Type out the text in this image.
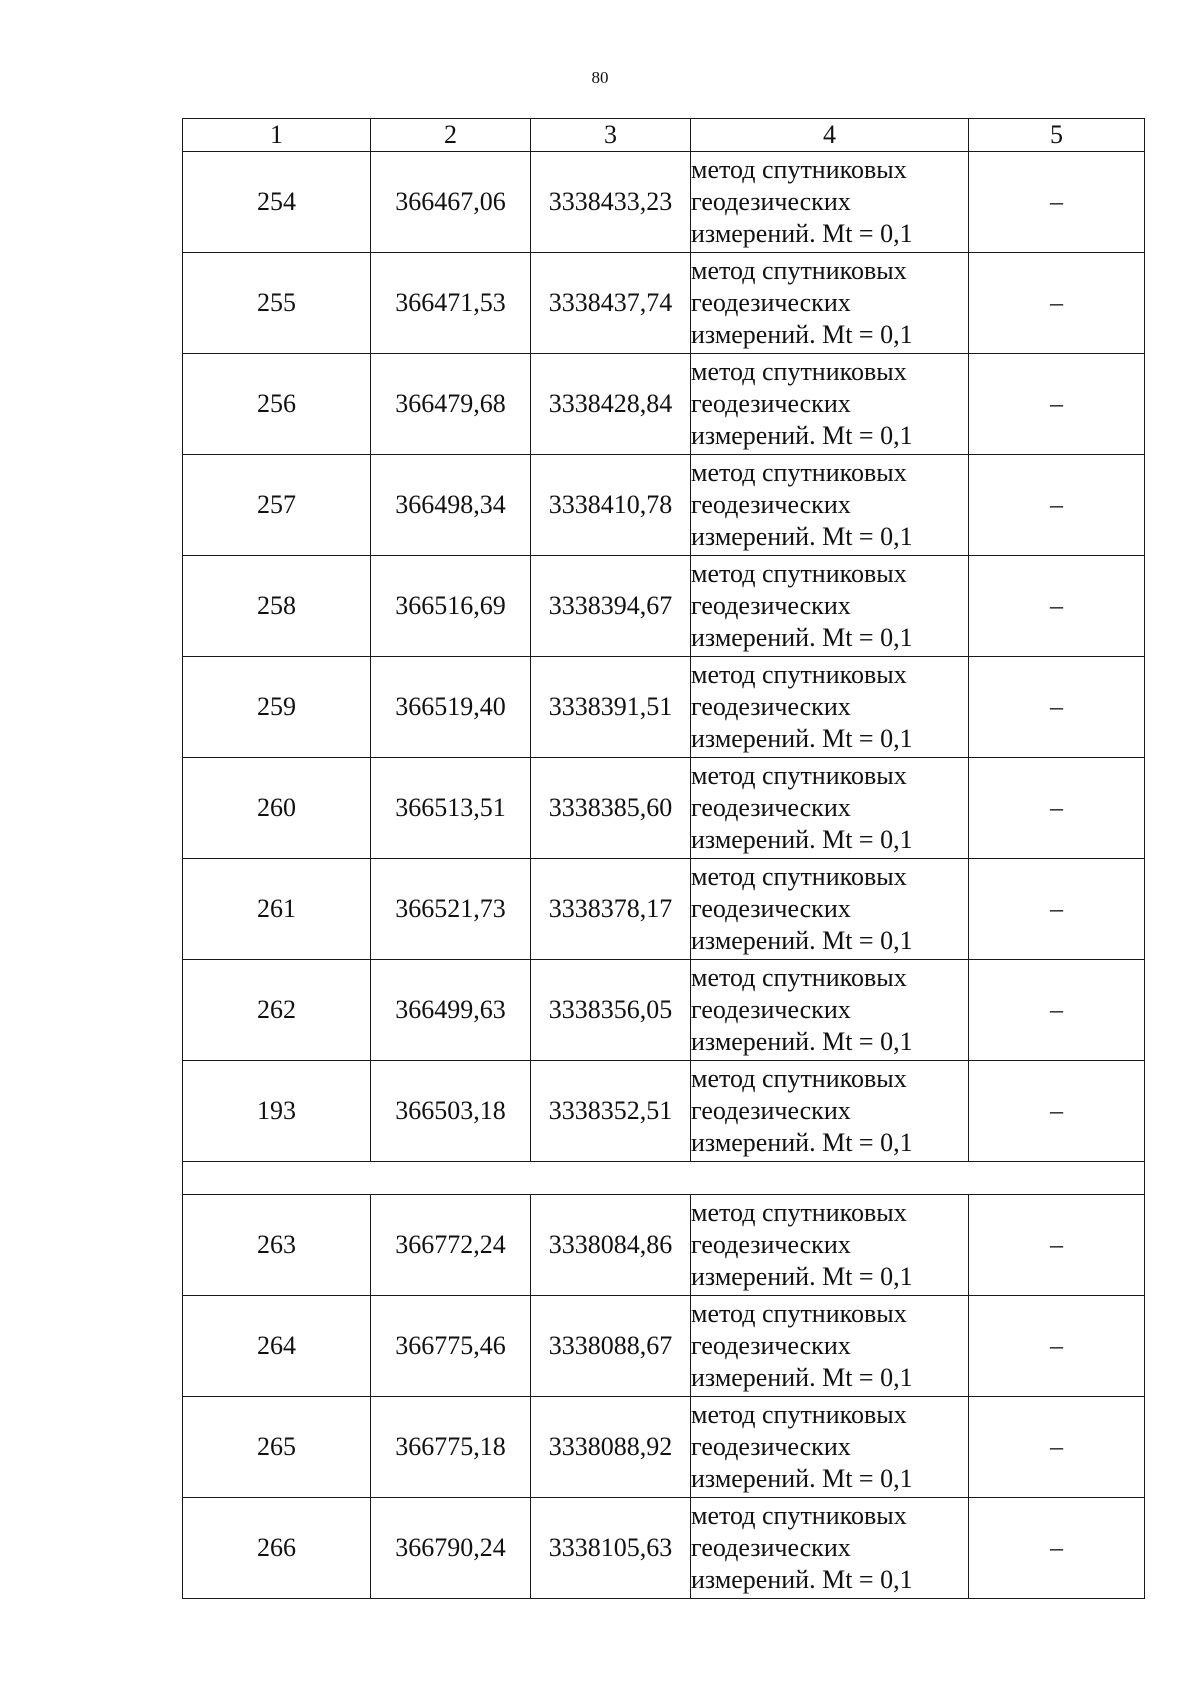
80
1	2	3	4	5
254	366467,06	3338433,23	метод спутниковых
геодезических
измерений. Mt = 0,1	–
255	366471,53	3338437,74	метод спутниковых
геодезических
измерений. Mt = 0,1	–
256	366479,68	3338428,84	метод спутниковых
геодезических
измерений. Mt = 0,1	–
257	366498,34	3338410,78	метод спутниковых
геодезических
измерений. Mt = 0,1	–
258	366516,69	3338394,67	метод спутниковых
геодезических
измерений. Mt = 0,1	–
259	366519,40	3338391,51	метод спутниковых
геодезических
измерений. Mt = 0,1	–
260	366513,51	3338385,60	метод спутниковых
геодезических
измерений. Mt = 0,1	–
261	366521,73	3338378,17	метод спутниковых
геодезических
измерений. Mt = 0,1	–
262	366499,63	3338356,05	метод спутниковых
геодезических
измерений. Mt = 0,1	–
193	366503,18	3338352,51	метод спутниковых
геодезических
измерений. Mt = 0,1	–

263	366772,24	3338084,86	метод спутниковых
геодезических
измерений. Mt = 0,1	–
264	366775,46	3338088,67	метод спутниковых
геодезических
измерений. Mt = 0,1	–
265	366775,18	3338088,92	метод спутниковых
геодезических
измерений. Mt = 0,1	–
266	366790,24	3338105,63	метод спутниковых
геодезических
измерений. Mt = 0,1	–
